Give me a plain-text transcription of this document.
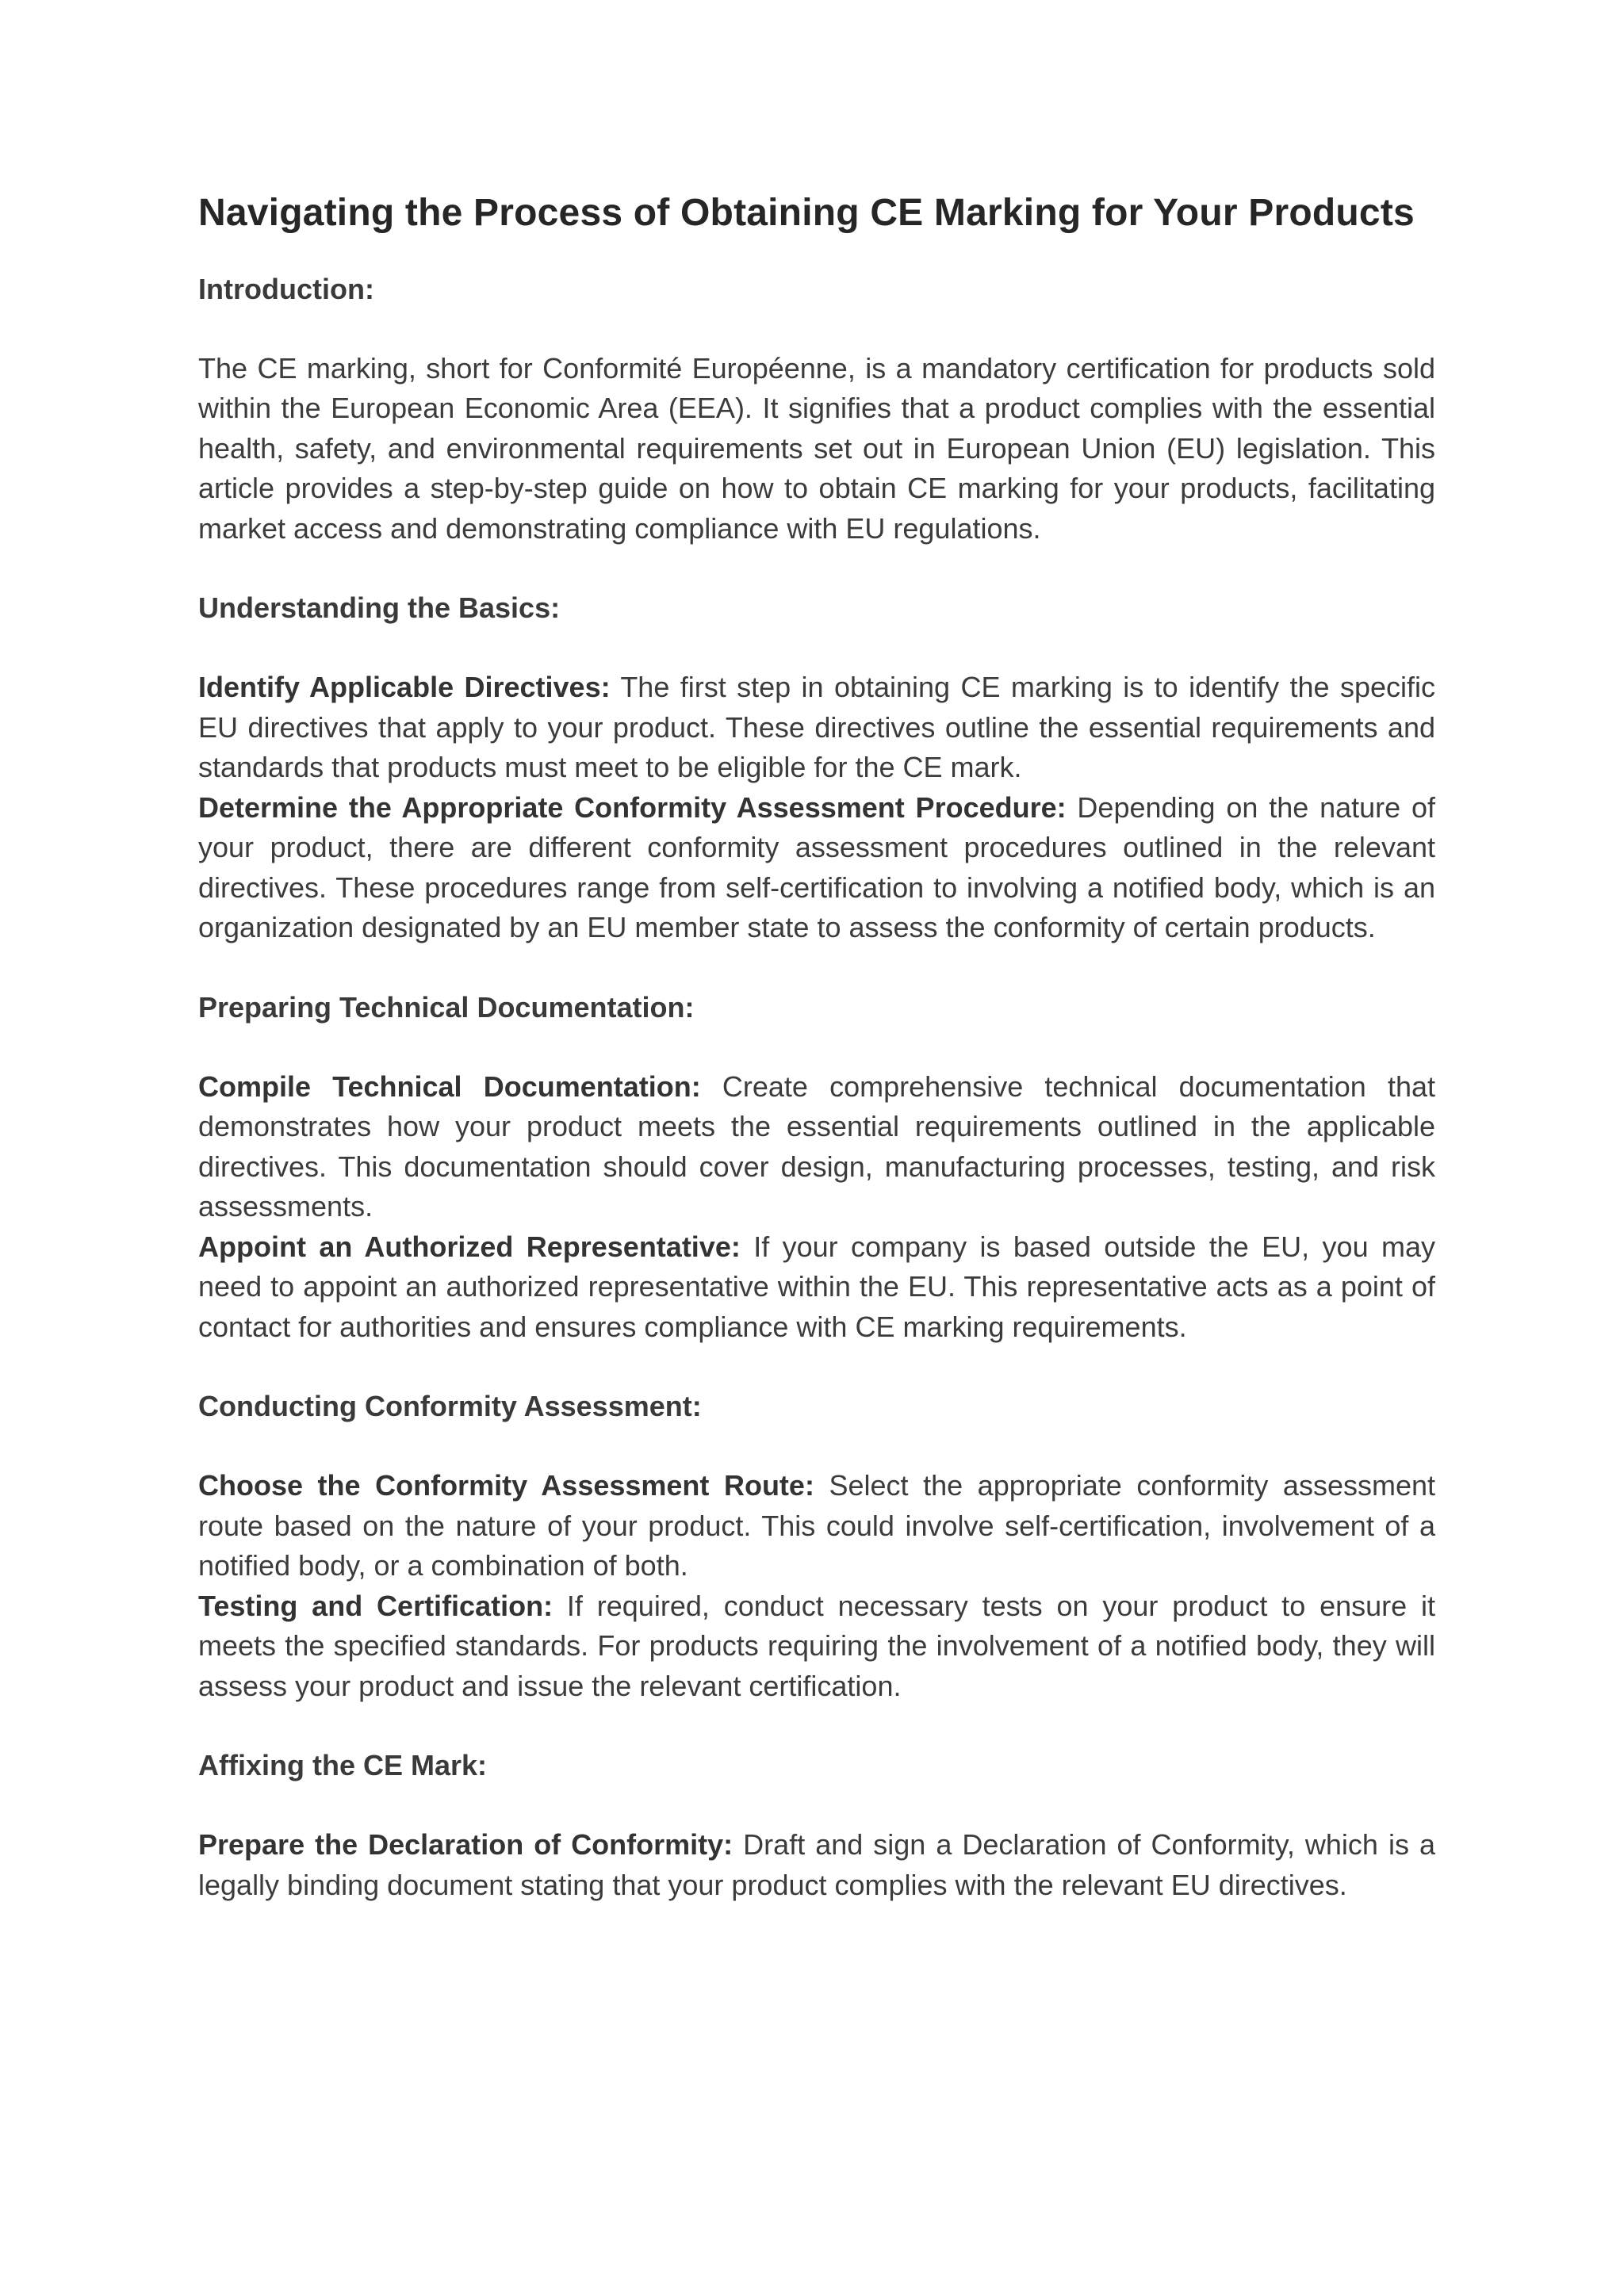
Navigating the Process of Obtaining CE Marking for Your Products
Introduction:

The CE marking, short for Conformité Européenne, is a mandatory certification for products sold within the European Economic Area (EEA). It signifies that a product complies with the essential health, safety, and environmental requirements set out in European Union (EU) legislation. This article provides a step-by-step guide on how to obtain CE marking for your products, facilitating market access and demonstrating compliance with EU regulations.

Understanding the Basics:

Identify Applicable Directives: The first step in obtaining CE marking is to identify the specific EU directives that apply to your product. These directives outline the essential requirements and standards that products must meet to be eligible for the CE mark.

Determine the Appropriate Conformity Assessment Procedure: Depending on the nature of your product, there are different conformity assessment procedures outlined in the relevant directives. These procedures range from self-certification to involving a notified body, which is an organization designated by an EU member state to assess the conformity of certain products.

Preparing Technical Documentation:

Compile Technical Documentation: Create comprehensive technical documentation that demonstrates how your product meets the essential requirements outlined in the applicable directives. This documentation should cover design, manufacturing processes, testing, and risk assessments.

Appoint an Authorized Representative: If your company is based outside the EU, you may need to appoint an authorized representative within the EU. This representative acts as a point of contact for authorities and ensures compliance with CE marking requirements.

Conducting Conformity Assessment:

Choose the Conformity Assessment Route: Select the appropriate conformity assessment route based on the nature of your product. This could involve self-certification, involvement of a notified body, or a combination of both.

Testing and Certification: If required, conduct necessary tests on your product to ensure it meets the specified standards. For products requiring the involvement of a notified body, they will assess your product and issue the relevant certification.

Affixing the CE Mark:

Prepare the Declaration of Conformity: Draft and sign a Declaration of Conformity, which is a legally binding document stating that your product complies with the relevant EU directives.
